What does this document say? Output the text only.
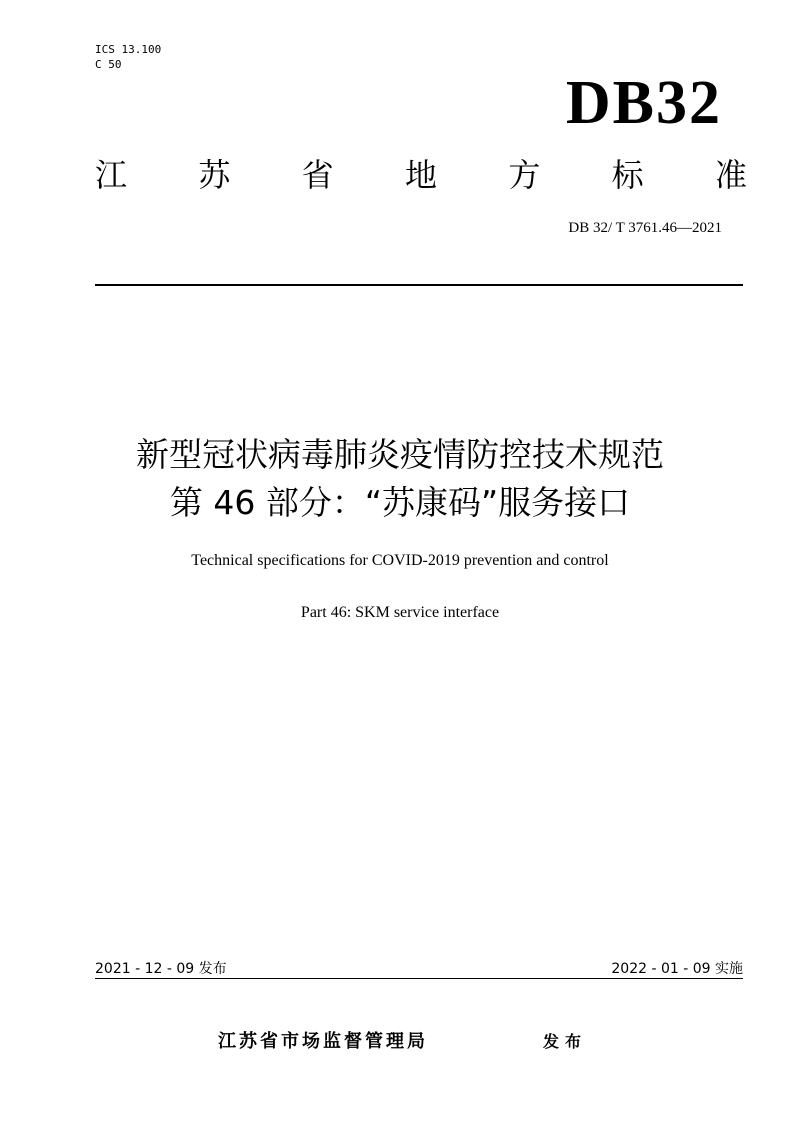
ICS 13.100
C 50
DB32
江 苏 省 地 方 标 准
DB 32/ T 3761.46—2021
新型冠状病毒肺炎疫情防控技术规范
第 46 部分：“苏康码”服务接口
Technical specifications for COVID-2019 prevention and control
Part 46: SKM service interface
2021 - 12 - 09 发布	2022 - 01 - 09 实施
江苏省市场监督管理局	发布
